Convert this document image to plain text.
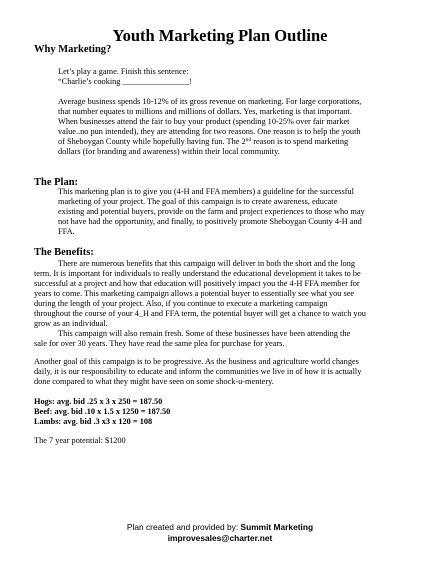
Youth Marketing Plan Outline
Why Marketing?
Let’s play a game. Finish this sentence:
“Charlie’s cooking ________________!
Average business spends 10-12% of its gross revenue on marketing. For large corporations,
that number equates to millions and millions of dollars. Yes, marketing is that important.
When businesses attend the fair to buy your product (spending 10-25% over fair market
value..no pun intended), they are attending for two reasons. One reason is to help the youth
of Sheboygan County while hopefully having fun. The 2nd reason is to spend marketing
dollars (for branding and awareness) within their local community.
The Plan:
This marketing plan is to give you (4-H and FFA members) a guideline for the successful
marketing of your project. The goal of this campaign is to create awareness, educate
existing and potential buyers, provide on the farm and project experiences to those who may
not have had the opportunity, and finally, to positively promote Sheboygan County 4-H and
FFA.
The Benefits:
There are numerous benefits that this campaign will deliver in both the short and the long
term. It is important for individuals to really understand the educational development it takes to be
successful at a project and how that education will positively impact you the 4-H FFA member for
years to come. This marketing campaign allows a potential buyer to essentially see what you see
during the length of your project. Also, if you continue to execute a marketing campaign
throughout the course of your 4_H and FFA term, the potential buyer will get a chance to watch you
grow as an individual.
This campaign will also remain fresh. Some of these businesses have been attending the
sale for over 30 years. They have read the same plea for purchase for years.
Another goal of this campaign is to be progressive. As the business and agriculture world changes
daily, it is our responsibility to educate and inform the communities we live in of how it is actually
done compared to what they might have seen on some shock-u-mentery.
Hogs: avg. bid .25 x 3 x 250 = 187.50
Beef: avg. bid .10 x 1.5 x 1250 = 187.50
Lambs: avg. bid .3 x3 x 120 = 108
The 7 year potential: $1200
Plan created and provided by: Summit Marketing
improvesales@charter.net
